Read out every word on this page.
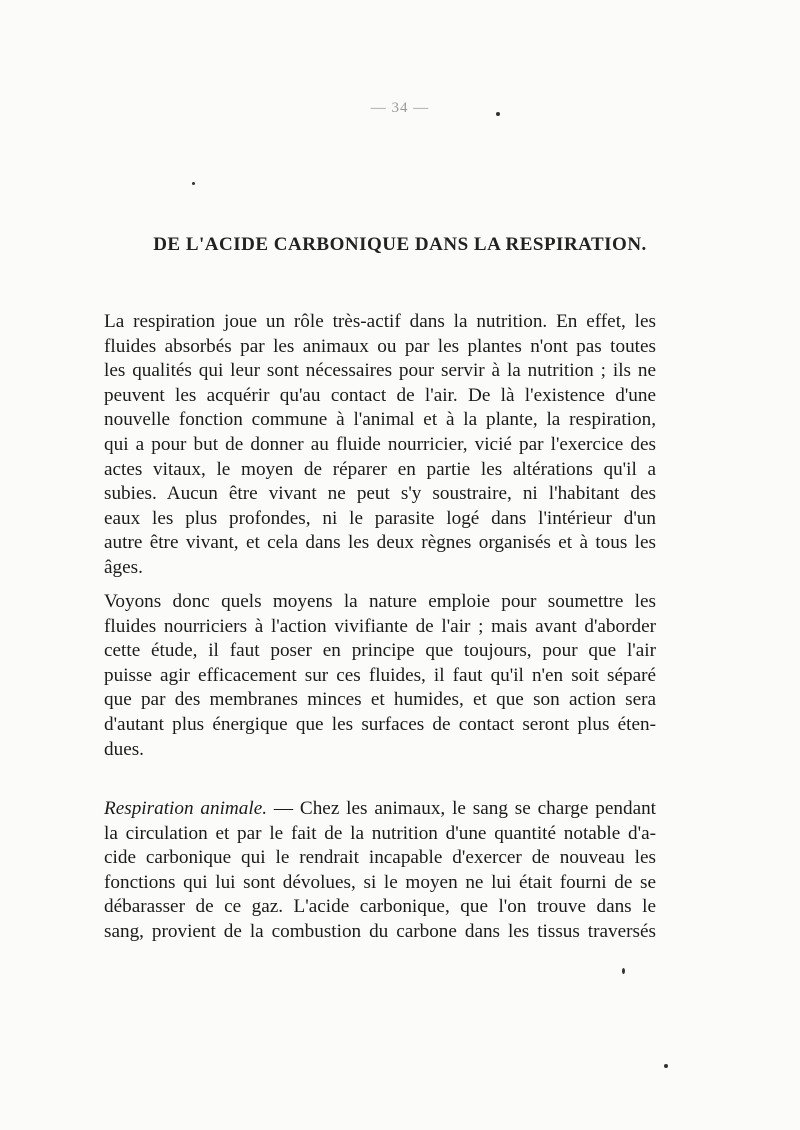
— 34 —
DE L'ACIDE CARBONIQUE DANS LA RESPIRATION.
La respiration joue un rôle très-actif dans la nutrition. En effet, les
fluides absorbés par les animaux ou par les plantes n'ont pas toutes
les qualités qui leur sont nécessaires pour servir à la nutrition ; ils ne
peuvent les acquérir qu'au contact de l'air. De là l'existence d'une
nouvelle fonction commune à l'animal et à la plante, la respiration,
qui a pour but de donner au fluide nourricier, vicié par l'exercice des
actes vitaux, le moyen de réparer en partie les altérations qu'il a
subies. Aucun être vivant ne peut s'y soustraire, ni l'habitant des
eaux les plus profondes, ni le parasite logé dans l'intérieur d'un
autre être vivant, et cela dans les deux règnes organisés et à tous les
âges.
Voyons donc quels moyens la nature emploie pour soumettre les
fluides nourriciers à l'action vivifiante de l'air ; mais avant d'aborder
cette étude, il faut poser en principe que toujours, pour que l'air
puisse agir efficacement sur ces fluides, il faut qu'il n'en soit séparé
que par des membranes minces et humides, et que son action sera
d'autant plus énergique que les surfaces de contact seront plus éten-
dues.
Respiration animale. — Chez les animaux, le sang se charge pendant
la circulation et par le fait de la nutrition d'une quantité notable d'a-
cide carbonique qui le rendrait incapable d'exercer de nouveau les
fonctions qui lui sont dévolues, si le moyen ne lui était fourni de se
débarasser de ce gaz. L'acide carbonique, que l'on trouve dans le
sang, provient de la combustion du carbone dans les tissus traversés
